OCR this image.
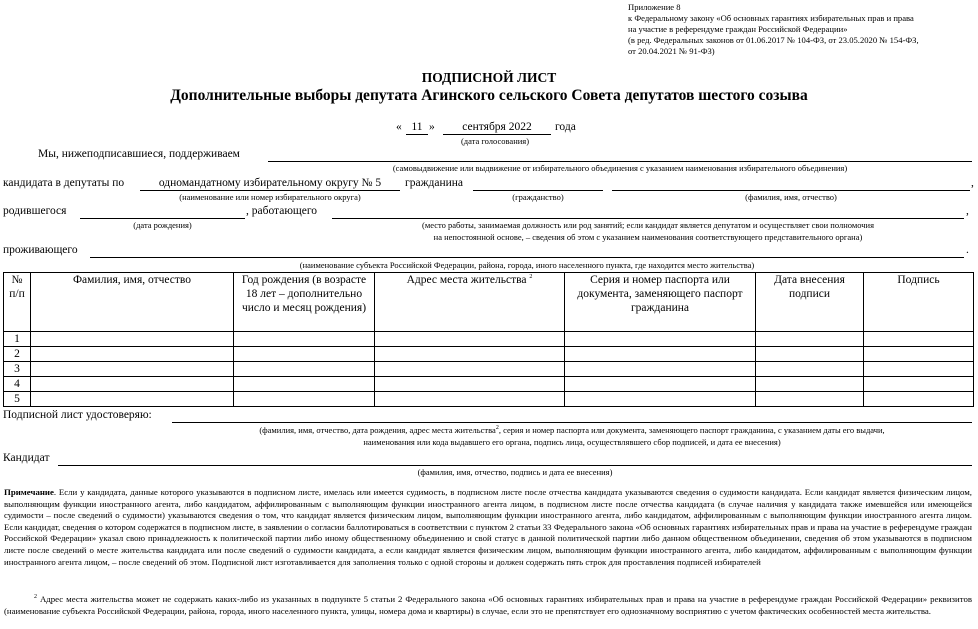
Приложение 8
к Федеральному закону «Об основных гарантиях избирательных прав и права
на участие в референдуме граждан Российской Федерации»
(в ред. Федеральных законов от 01.06.2017 № 104-ФЗ, от 23.05.2020 № 154-ФЗ,
от 20.04.2021 № 91-ФЗ)
ПОДПИСНОЙ ЛИСТ
Дополнительные выборы депутата Агинского сельского Совета депутатов шестого созыва
« 11 »	сентября 2022	года
(дата голосования)
Мы, нижеподписавшиеся, поддерживаем
(самовыдвижение или выдвижение от избирательного объединения с указанием наименования избирательного объединения)
кандидата в депутаты по	одномандатному избирательному округу № 5	гражданина	,
(наименование или номер избирательного округа)	(гражданство)	(фамилия, имя, отчество)
родившегося	, работающего	,
(дата рождения)	(место работы, занимаемая должность или род занятий; если кандидат является депутатом и осуществляет свои полномочия
на непостоянной основе, – сведения об этом с указанием наименования соответствующего представительного органа)
проживающего	.
(наименование субъекта Российской Федерации, района, города, иного населенного пункта, где находится место жительства)
№ п/п	Фамилия, имя, отчество	Год рождения (в возрасте 18 лет – дополнительно число и месяц рождения)	Адрес места жительства $^2$	Серия и номер паспорта или документа, заменяющего паспорт гражданина	Дата внесения подписи	Подпись
1						
2						
3						
4						
5						
Подписной лист удостоверяю:
(фамилия, имя, отчество, дата рождения, адрес места жительства$^2$, серия и номер паспорта или документа, заменяющего паспорт гражданина, с указанием даты его выдачи,
наименования или кода выдавшего его органа, подпись лица, осуществлявшего сбор подписей, и дата ее внесения)
Кандидат
(фамилия, имя, отчество, подпись и дата ее внесения)
Примечание. Если у кандидата, данные которого указываются в подписном листе, имелась или имеется судимость, в подписном листе после отчества кандидата указываются сведения о судимости кандидата. Если кандидат является физическим лицом, выполняющим функции иностранного агента, либо кандидатом, аффилированным с выполняющим функции иностранного агента лицом, в подписном листе после отчества кандидата (в случае наличия у кандидата также имевшейся или имеющейся судимости – после сведений о судимости) указываются сведения о том, что кандидат является физическим лицом, выполняющим функции иностранного агента, либо кандидатом, аффилированным с выполняющим функции иностранного агента лицом. Если кандидат, сведения о котором содержатся в подписном листе, в заявлении о согласии баллотироваться в соответствии с пунктом 2 статьи 33 Федерального закона «Об основных гарантиях избирательных прав и права на участие в референдуме граждан Российской Федерации» указал свою принадлежность к политической партии либо иному общественному объединению и свой статус в данной политической партии либо данном общественном объединении, сведения об этом указываются в подписном листе после сведений о месте жительства кандидата или после сведений о судимости кандидата, а если кандидат является физическим лицом, выполняющим функции иностранного агента, либо кандидатом, аффилированным с выполняющим функции иностранного агента лицом, – после сведений об этом. Подписной лист изготавливается для заполнения только с одной стороны и должен содержать пять строк для проставления подписей избирателей
$^2$ Адрес места жительства может не содержать каких-либо из указанных в подпункте 5 статьи 2 Федерального закона «Об основных гарантиях избирательных прав и права на участие в референдуме граждан Российской Федерации» реквизитов (наименование субъекта Российской Федерации, района, города, иного населенного пункта, улицы, номера дома и квартиры) в случае, если это не препятствует его однозначному восприятию с учетом фактических особенностей места жительства.
